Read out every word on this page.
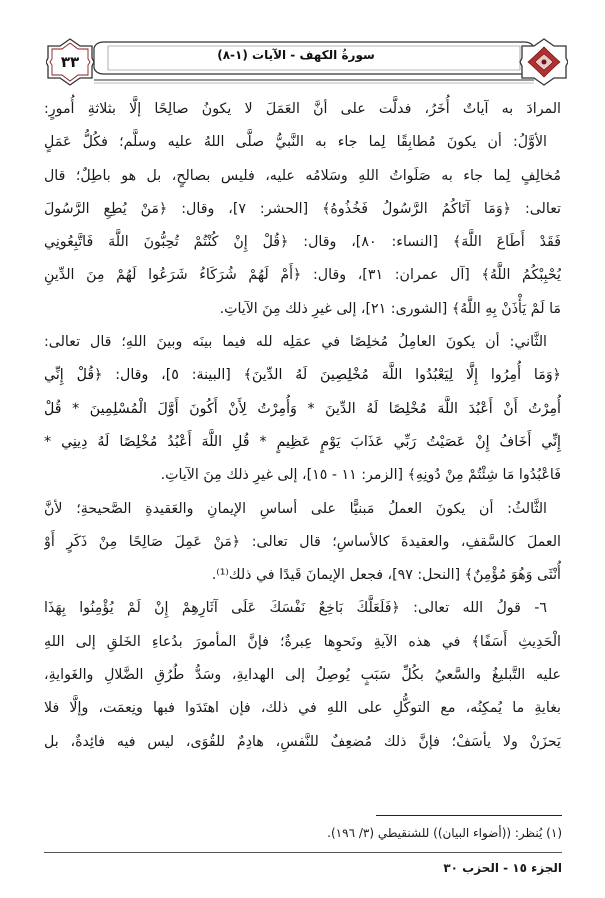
٣٣	سورةُ الكهف - الآيات (١-٨)
المرادَ به آياتٌ أُخَرُ، فدلَّت على أنَّ العَمَلَ لا يكونُ صالِحًا إلَّا بثلاثةِ أُمورٍ:
الأوَّلُ: أن يكونَ مُطابِقًا لِما جاء به النَّبيُّ صلَّى اللهُ عليه وسلَّم؛ فكُلُّ عَمَلٍ
مُخالِفٍ لِما جاء به صَلَواتُ اللهِ وسَلامُه عليه، فليس بصالحٍ، بل هو باطِلٌ؛ قال
تعالى: ﴿وَمَا آتَاكُمُ الرَّسُولُ فَخُذُوهُ﴾ [الحشر: ٧]، وقال: ﴿مَنْ يُطِعِ الرَّسُولَ
فَقَدْ أَطَاعَ اللَّهَ﴾ [النساء: ٨٠]، وقال: ﴿قُلْ إِنْ كُنْتُمْ تُحِبُّونَ اللَّهَ فَاتَّبِعُونِي
يُحْبِبْكُمُ اللَّهُ﴾ [آل عمران: ٣١]، وقال: ﴿أَمْ لَهُمْ شُرَكَاءُ شَرَعُوا لَهُمْ مِنَ الدِّينِ
مَا لَمْ يَأْذَنْ بِهِ اللَّهُ﴾ [الشورى: ٢١]، إلى غيرِ ذلك مِنَ الآياتِ.
الثَّاني: أن يكونَ العامِلُ مُخلِصًا في عمَلِه لله فيما بينَه وبينَ اللهِ؛ قال تعالى:
﴿وَمَا أُمِرُوا إِلَّا لِيَعْبُدُوا اللَّهَ مُخْلِصِينَ لَهُ الدِّينَ﴾ [البينة: ٥]، وقال: ﴿قُلْ إِنِّي
أُمِرْتُ أَنْ أَعْبُدَ اللَّهَ مُخْلِصًا لَهُ الدِّينَ * وَأُمِرْتُ لِأَنْ أَكُونَ أَوَّلَ الْمُسْلِمِينَ * قُلْ
إِنِّي أَخَافُ إِنْ عَصَيْتُ رَبِّي عَذَابَ يَوْمٍ عَظِيمٍ * قُلِ اللَّهَ أَعْبُدُ مُخْلِصًا لَهُ دِينِي *
فَاعْبُدُوا مَا شِئْتُمْ مِنْ دُونِهِ﴾ [الزمر: ١١ - ١٥]، إلى غيرِ ذلك مِنَ الآياتِ.
الثَّالثُ: أن يكونَ العملُ مَبنيًّا على أساسِ الإيمانِ والعَقيدةِ الصَّحيحةِ؛ لأنَّ
العملَ كالسَّقفِ، والعقيدةَ كالأساسِ؛ قال تعالى: ﴿مَنْ عَمِلَ صَالِحًا مِنْ ذَكَرٍ أَوْ
أُنْثَى وَهُوَ مُؤْمِنٌ﴾ [النحل: ٩٧]، فجعل الإيمانَ قَيدًا في ذلك⁽¹⁾.
٦- قولُ الله تعالى: ﴿فَلَعَلَّكَ بَاخِعٌ نَفْسَكَ عَلَى آثَارِهِمْ إِنْ لَمْ يُؤْمِنُوا بِهَذَا
الْحَدِيثِ أَسَفًا﴾ في هذه الآيةِ ونَحوِها عِبرةٌ؛ فإنَّ المأمورَ بدُعاءِ الخَلقِ إلى اللهِ
عليه التَّبليغُ والسَّعيُ بكُلِّ سَبَبٍ يُوصِلُ إلى الهدايةِ، وسَدُّ طُرُقِ الضَّلالِ والغَوايةِ،
بغايةِ ما يُمكِنُه، مع التوكُّلِ على اللهِ في ذلك، فإن اهتَدَوا فبها ونِعمَت، وإلَّا فلا
يَحزَنْ ولا يأسَفْ؛ فإنَّ ذلك مُضعِفٌ للنَّفسِ، هادِمٌ للقُوَى، ليس فيه فائِدةٌ، بل
(١) يُنظر: ((أضواء البيان)) للشنقيطي (٣/ ١٩٦).
الجزء ١٥ - الحزب ٣٠
